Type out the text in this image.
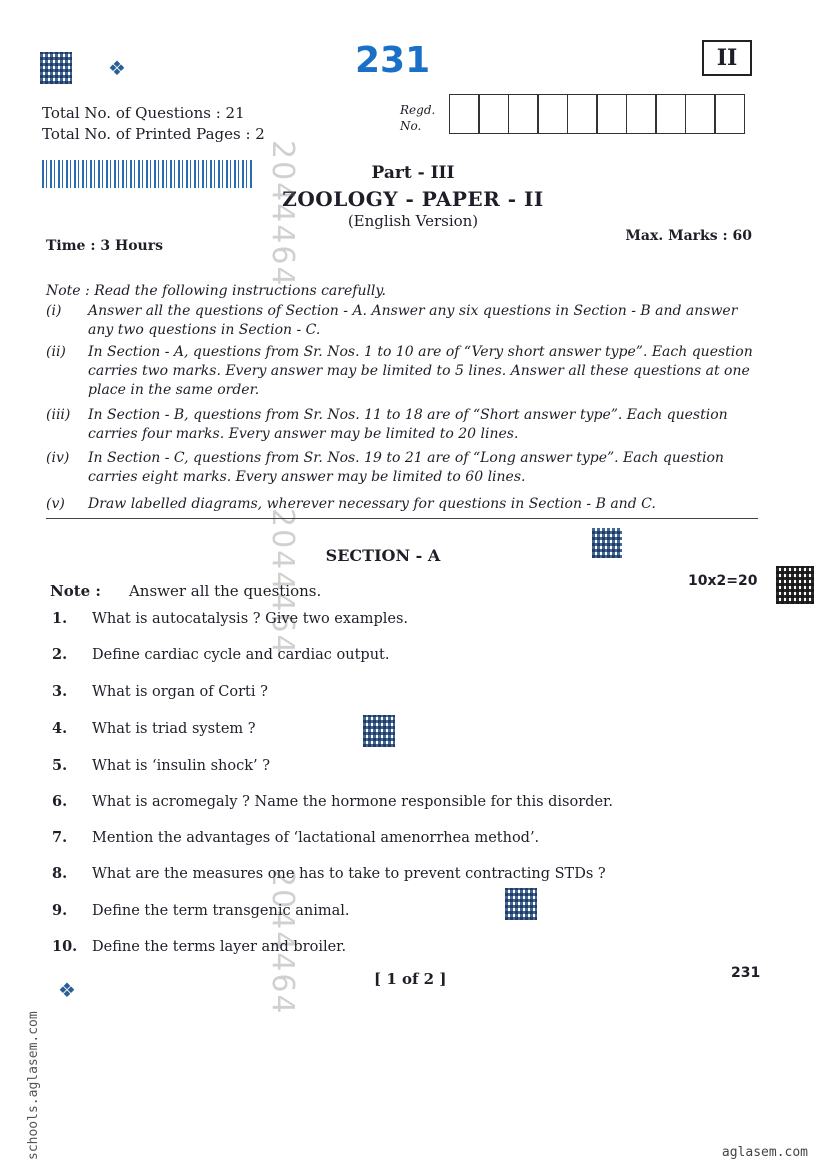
❖	231	II
Total No. of Questions : 21
Total No. of Printed Pages : 2
Regd.
No.
Part - III
ZOOLOGY - PAPER - II
(English Version)
Time : 3 Hours
Max. Marks : 60
2044464
2044464
2044464
Note : Read the following instructions carefully.
(i) Answer all the questions of Section - A. Answer any six questions in Section - B and answer any two questions in Section - C.
(ii) In Section - A, questions from Sr. Nos. 1 to 10 are of “Very short answer type”. Each question carries two marks. Every answer may be limited to 5 lines. Answer all these questions at one place in the same order.
(iii) In Section - B, questions from Sr. Nos. 11 to 18 are of “Short answer type”. Each question carries four marks. Every answer may be limited to 20 lines.
(iv) In Section - C, questions from Sr. Nos. 19 to 21 are of “Long answer type”. Each question carries eight marks. Every answer may be limited to 60 lines.
(v) Draw labelled diagrams, wherever necessary for questions in Section - B and C.
SECTION - A
Note : Answer all the questions.
10x2=20
1. What is autocatalysis ? Give two examples.
2. Define cardiac cycle and cardiac output.
3. What is organ of Corti ?
4. What is triad system ?
5. What is ‘insulin shock’ ?
6. What is acromegaly ? Name the hormone responsible for this disorder.
7. Mention the advantages of ‘lactational amenorrhea method’.
8. What are the measures one has to take to prevent contracting STDs ?
9. Define the term transgenic animal.
10. Define the terms layer and broiler.
❖	[ 1 of 2 ]	231
schools.aglasem.com	aglasem.com
